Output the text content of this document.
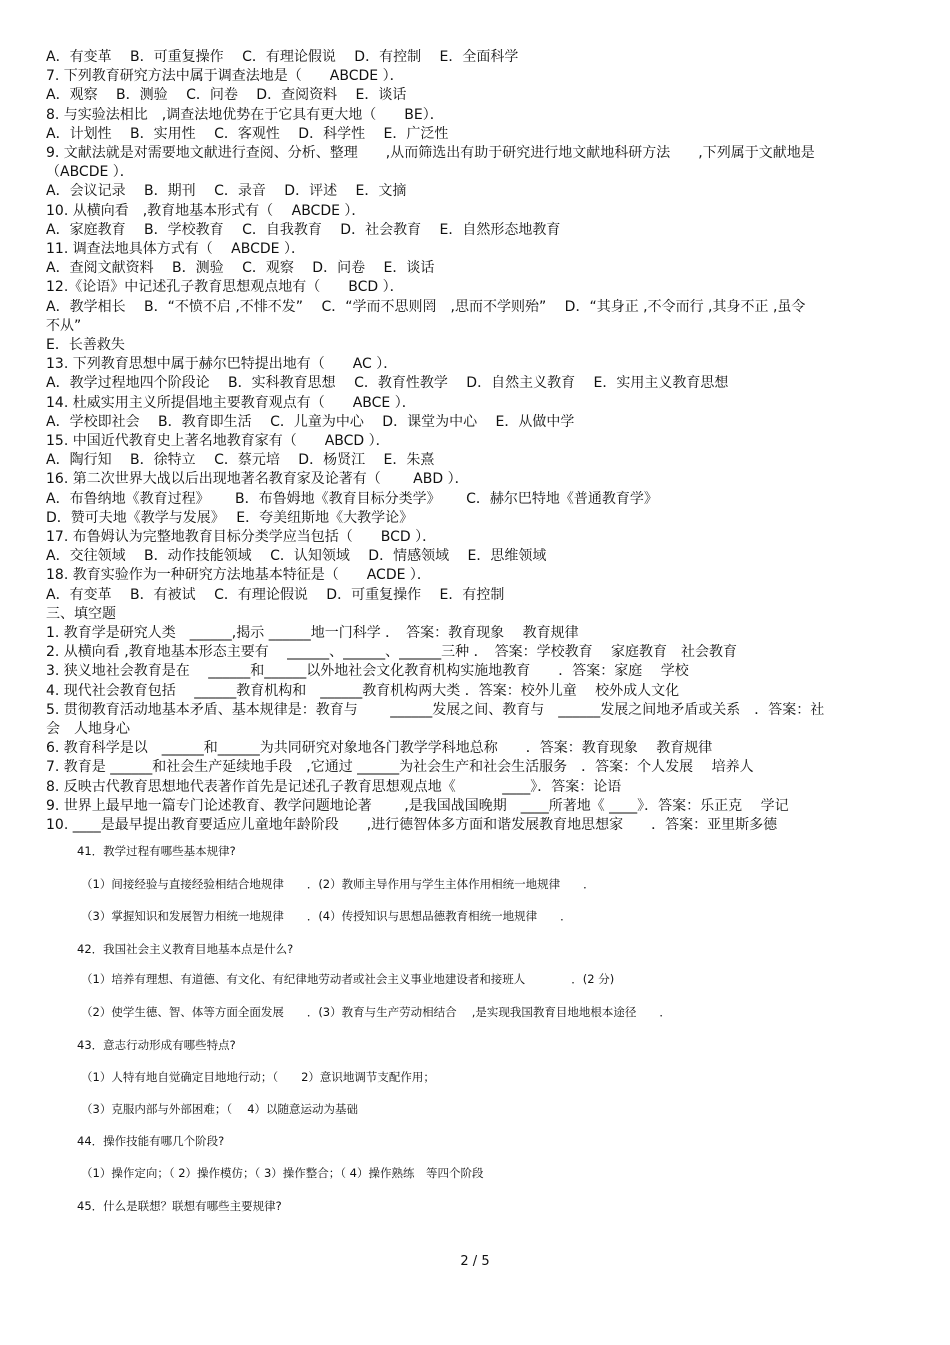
A．有变革　 B．可重复操作　 C．有理论假说　 D．有控制　 E．全面科学
7. 下列教育研究方法中属于调查法地是（　　ABCDE ）．
A．观察　 B．测验　 C．问卷　 D．查阅资料　 E．谈话
8. 与实验法相比　,调查法地优势在于它具有更大地（　　BE）．
A．计划性　 B．实用性　 C．客观性　 D．科学性　 E．广泛性
9. 文献法就是对需要地文献进行查阅、分析、整理　　,从而筛选出有助于研究进行地文献地科研方法　　,下列属于文献地是
（ABCDE ）．
A．会议记录　 B．期刊　 C．录音　 D．评述　 E．文摘
10. 从横向看　,教育地基本形式有（　 ABCDE ）．
A．家庭教育　 B．学校教育　 C．自我教育　 D．社会教育　 E．自然形态地教育
11. 调查法地具体方式有（　 ABCDE ）．
A．查阅文献资料　 B．测验　 C．观察　 D．问卷　 E．谈话
12.《论语》中记述孔子教育思想观点地有（　　BCD ）．
A．教学相长　 B．“不愤不启 ,不悱不发”　 C．“学而不思则罔　,思而不学则殆”　 D．“其身正 ,不令而行 ,其身不正 ,虽令
不从”
E．长善救失
13. 下列教育思想中属于赫尔巴特提出地有（　　AC ）．
A．教学过程地四个阶段论　 B．实科教育思想　 C．教育性教学　 D．自然主义教育　 E．实用主义教育思想
14. 杜威实用主义所提倡地主要教育观点有（　　ABCE ）．
A．学校即社会　 B．教育即生活　 C．儿童为中心　 D．课堂为中心　 E．从做中学
15. 中国近代教育史上著名地教育家有（　　ABCD ）．
A．陶行知　 B．徐特立　 C．蔡元培　 D．杨贤江　 E．朱熹
16. 第二次世界大战以后出现地著名教育家及论著有（　　 ABD ）．
A．布鲁纳地《教育过程》　　 B．布鲁姆地《教育目标分类学》　　 C．赫尔巴特地《普通教育学》
D．赞可夫地《教学与发展》　 E．夸美纽斯地《大教学论》
17. 布鲁姆认为完整地教育目标分类学应当包括（　　BCD ）．
A．交往领域　 B．动作技能领域　 C．认知领域　 D．情感领域　 E．思维领域
18. 教育实验作为一种研究方法地基本特征是（　　ACDE ）．
A．有变革　 B．有被试　 C．有理论假说　 D．可重复操作　 E．有控制
三、填空题
1. 教育学是研究人类　______,揭示 ______地一门科学 ．　答案：教育现象　 教育规律
2. 从横向看 ,教育地基本形态主要有　 ______、______、______三种 ．　答案：学校教育　 家庭教育　社会教育
3. 狭义地社会教育是在　 ______和______以外地社会文化教育机构实施地教育　　．答案：家庭　 学校
4. 现代社会教育包括　 ______教育机构和　______教育机构两大类 ．答案：校外儿童　 校外成人文化
5. 贯彻教育活动地基本矛盾、基本规律是：教育与　　 ______发展之间、教育与　______发展之间地矛盾或关系　．答案：社
会　人地身心
6. 教育科学是以　______和______为共同研究对象地各门教学学科地总称　　．答案：教育现象　 教育规律
7. 教育是 ______和社会生产延续地手段　,它通过 ______为社会生产和社会生活服务　．答案：个人发展　 培养人
8. 反映古代教育思想地代表著作首先是记述孔子教育思想观点地《　　　 ____》．答案：论语
9. 世界上最早地一篇专门论述教育、教学问题地论著　　 ,是我国战国晚期　____所著地《 ____》．答案：乐正克　 学记
10. ____是最早提出教育要适应儿童地年龄阶段　　,进行德智体多方面和谐发展教育地思想家　　．答案：亚里斯多德
41．教学过程有哪些基本规律?
（1）间接经验与直接经验相结合地规律　　．(2）教师主导作用与学生主体作用相统一地规律　　．
（3）掌握知识和发展智力相统一地规律　　．(4）传授知识与思想品德教育相统一地规律　　．
42．我国社会主义教育目地基本点是什么?
（1）培养有理想、有道德、有文化、有纪律地劳动者或社会主义事业地建设者和接班人　　　　．(2 分)
（2）使学生德、智、体等方面全面发展　　．(3）教育与生产劳动相结合　 ,是实现我国教育目地地根本途径　　．
43．意志行动形成有哪些特点?
（1）人特有地自觉确定目地地行动；（　　2）意识地调节支配作用；
（3）克服内部与外部困难；（　 4）以随意运动为基础
44．操作技能有哪几个阶段?
（1）操作定向；（ 2）操作模仿；（ 3）操作整合；（ 4）操作熟练　等四个阶段
45．什么是联想？联想有哪些主要规律?
2 / 5
